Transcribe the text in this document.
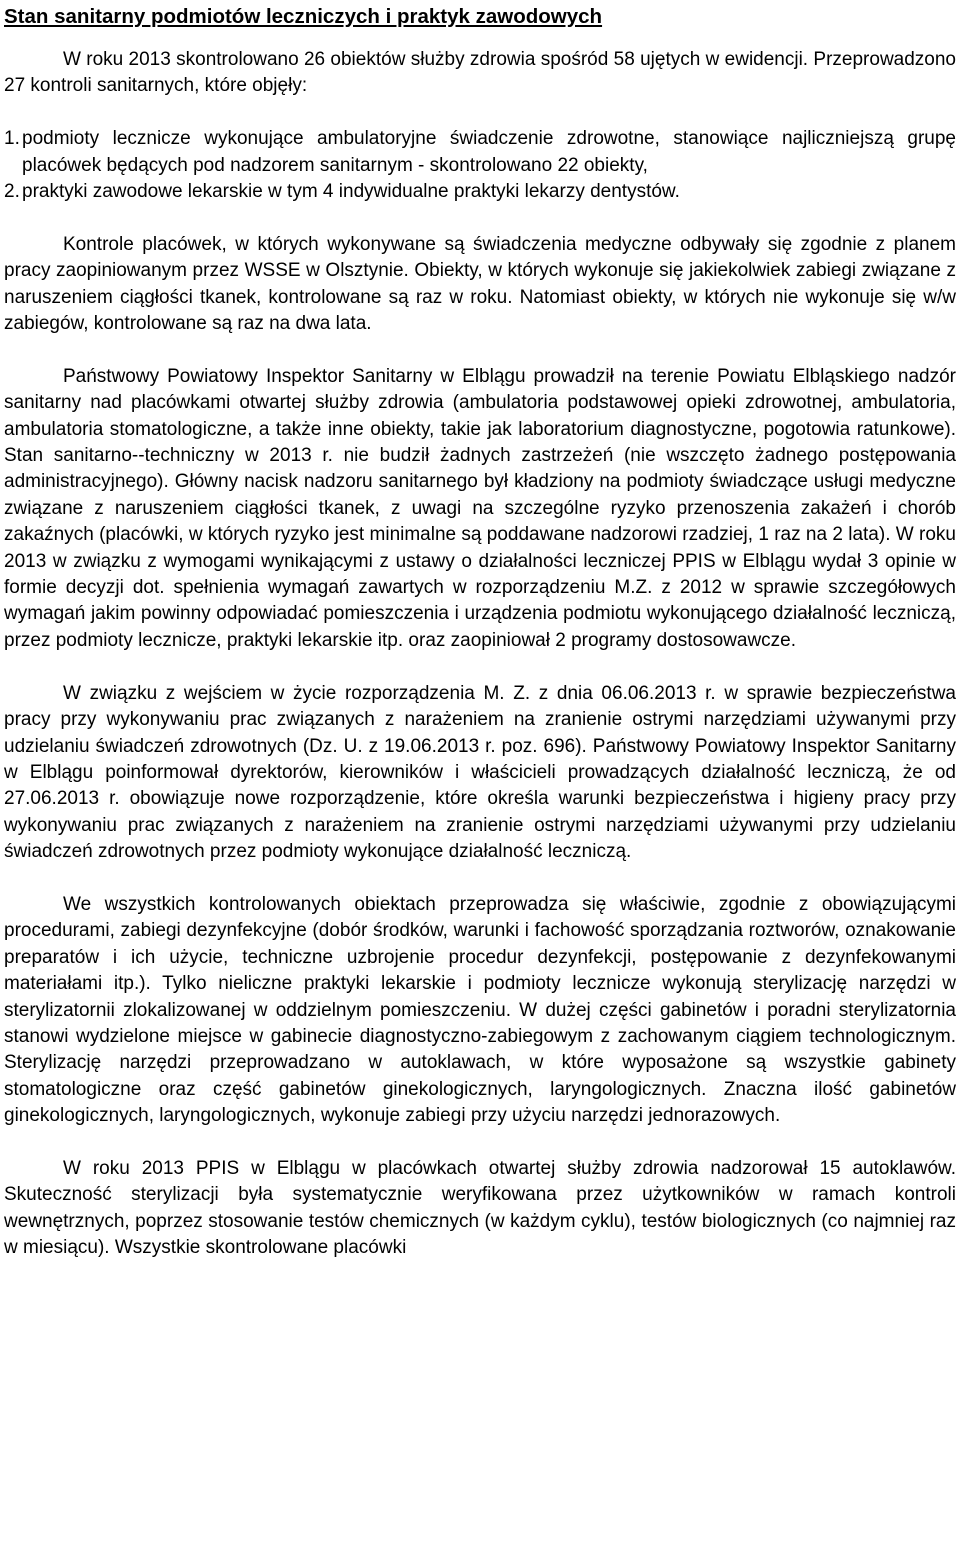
Stan sanitarny podmiotów leczniczych i praktyk zawodowych

W roku 2013 skontrolowano 26 obiektów służby zdrowia spośród 58 ujętych w ewidencji. Przeprowadzono 27 kontroli sanitarnych, które objęły:

1. podmioty lecznicze wykonujące ambulatoryjne świadczenie zdrowotne, stanowiące najliczniejszą grupę placówek będących pod nadzorem sanitarnym - skontrolowano 22 obiekty,
2. praktyki zawodowe lekarskie w tym 4 indywidualne praktyki lekarzy dentystów.

Kontrole placówek, w których wykonywane są świadczenia medyczne odbywały się zgodnie z planem pracy zaopiniowanym przez WSSE w Olsztynie. Obiekty, w których wykonuje się jakiekolwiek zabiegi związane z naruszeniem ciągłości tkanek, kontrolowane są raz w roku. Natomiast obiekty, w których nie wykonuje się w/w zabiegów, kontrolowane są raz na dwa lata.

Państwowy Powiatowy Inspektor Sanitarny w Elblągu prowadził na terenie Powiatu Elbląskiego nadzór sanitarny nad placówkami otwartej służby zdrowia (ambulatoria podstawowej opieki zdrowotnej, ambulatoria, ambulatoria stomatologiczne, a także inne obiekty, takie jak laboratorium diagnostyczne, pogotowia ratunkowe). Stan sanitarno--techniczny w 2013 r. nie budził żadnych zastrzeżeń (nie wszczęto żadnego postępowania administracyjnego). Główny nacisk nadzoru sanitarnego był kładziony na podmioty świadczące usługi medyczne związane z naruszeniem ciągłości tkanek, z uwagi na szczególne ryzyko przenoszenia zakażeń i chorób zakaźnych (placówki, w których ryzyko jest minimalne są poddawane nadzorowi rzadziej, 1 raz na 2 lata). W roku 2013 w związku z wymogami wynikającymi z ustawy o działalności leczniczej PPIS w Elblągu wydał 3 opinie w formie decyzji dot. spełnienia wymagań zawartych w rozporządzeniu M.Z. z 2012 w sprawie szczegółowych wymagań jakim powinny odpowiadać pomieszczenia i urządzenia podmiotu wykonującego działalność leczniczą, przez podmioty lecznicze, praktyki lekarskie itp. oraz zaopiniował 2 programy dostosowawcze.

W związku z wejściem w życie rozporządzenia M. Z. z dnia 06.06.2013 r. w sprawie bezpieczeństwa pracy przy wykonywaniu prac związanych z narażeniem na zranienie ostrymi narzędziami używanymi przy udzielaniu świadczeń zdrowotnych (Dz. U. z 19.06.2013 r. poz. 696). Państwowy Powiatowy Inspektor Sanitarny w Elblągu poinformował dyrektorów, kierowników i właścicieli prowadzących działalność leczniczą, że od 27.06.2013 r. obowiązuje nowe rozporządzenie, które określa warunki bezpieczeństwa i higieny pracy przy wykonywaniu prac związanych z narażeniem na zranienie ostrymi narzędziami używanymi przy udzielaniu świadczeń zdrowotnych przez podmioty wykonujące działalność leczniczą.

We wszystkich kontrolowanych obiektach przeprowadza się właściwie, zgodnie z obowiązującymi procedurami, zabiegi dezynfekcyjne (dobór środków, warunki i fachowość sporządzania roztworów, oznakowanie preparatów i ich użycie, techniczne uzbrojenie procedur dezynfekcji, postępowanie z dezynfekowanymi materiałami itp.). Tylko nieliczne praktyki lekarskie i podmioty lecznicze wykonują sterylizację narzędzi w sterylizatornii zlokalizowanej w oddzielnym pomieszczeniu. W dużej części gabinetów i poradni sterylizatornia stanowi wydzielone miejsce w gabinecie diagnostyczno-zabiegowym z zachowanym ciągiem technologicznym. Sterylizację narzędzi przeprowadzano w autoklawach, w które wyposażone są wszystkie gabinety stomatologiczne oraz część gabinetów ginekologicznych, laryngologicznych. Znaczna ilość gabinetów ginekologicznych, laryngologicznych, wykonuje zabiegi przy użyciu narzędzi jednorazowych.

W roku 2013 PPIS w Elblągu w placówkach otwartej służby zdrowia nadzorował 15 autoklawów. Skuteczność sterylizacji była systematycznie weryfikowana przez użytkowników w ramach kontroli wewnętrznych, poprzez stosowanie testów chemicznych (w każdym cyklu), testów biologicznych (co najmniej raz w miesiącu). Wszystkie skontrolowane placówki
